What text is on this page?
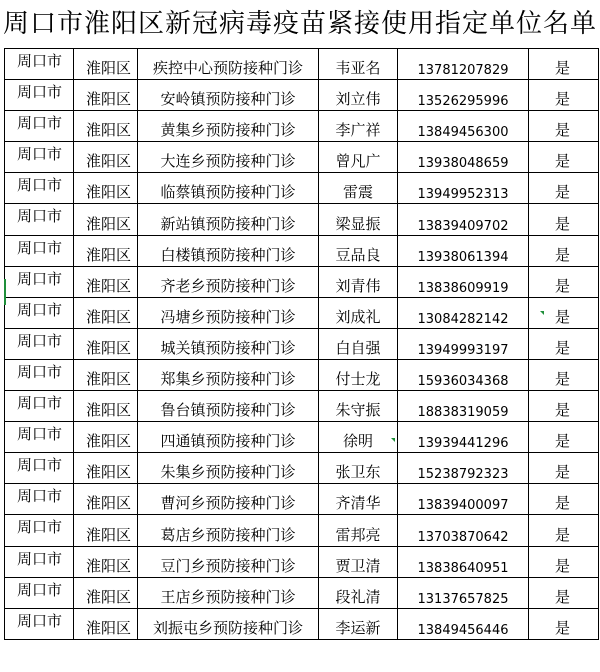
周口市淮阳区新冠病毒疫苗紧接使用指定单位名单
周口市	淮阳区	疾控中心预防接种门诊	韦亚名	13781207829	是
周口市	淮阳区	安岭镇预防接种门诊	刘立伟	13526295996	是
周口市	淮阳区	黄集乡预防接种门诊	李广祥	13849456300	是
周口市	淮阳区	大连乡预防接种门诊	曾凡广	13938048659	是
周口市	淮阳区	临蔡镇预防接种门诊	雷震	13949952313	是
周口市	淮阳区	新站镇预防接种门诊	梁显振	13839409702	是
周口市	淮阳区	白楼镇预防接种门诊	豆品良	13938061394	是
周口市	淮阳区	齐老乡预防接种门诊	刘青伟	13838609919	是
周口市	淮阳区	冯塘乡预防接种门诊	刘成礼	13084282142	是
周口市	淮阳区	城关镇预防接种门诊	白自强	13949993197	是
周口市	淮阳区	郑集乡预防接种门诊	付士龙	15936034368	是
周口市	淮阳区	鲁台镇预防接种门诊	朱守振	18838319059	是
周口市	淮阳区	四通镇预防接种门诊	徐明	13939441296	是
周口市	淮阳区	朱集乡预防接种门诊	张卫东	15238792323	是
周口市	淮阳区	曹河乡预防接种门诊	齐清华	13839400097	是
周口市	淮阳区	葛店乡预防接种门诊	雷邦亮	13703870642	是
周口市	淮阳区	豆门乡预防接种门诊	贾卫清	13838640951	是
周口市	淮阳区	王店乡预防接种门诊	段礼清	13137657825	是
周口市	淮阳区	刘振屯乡预防接种门诊	李运新	13849456446	是
